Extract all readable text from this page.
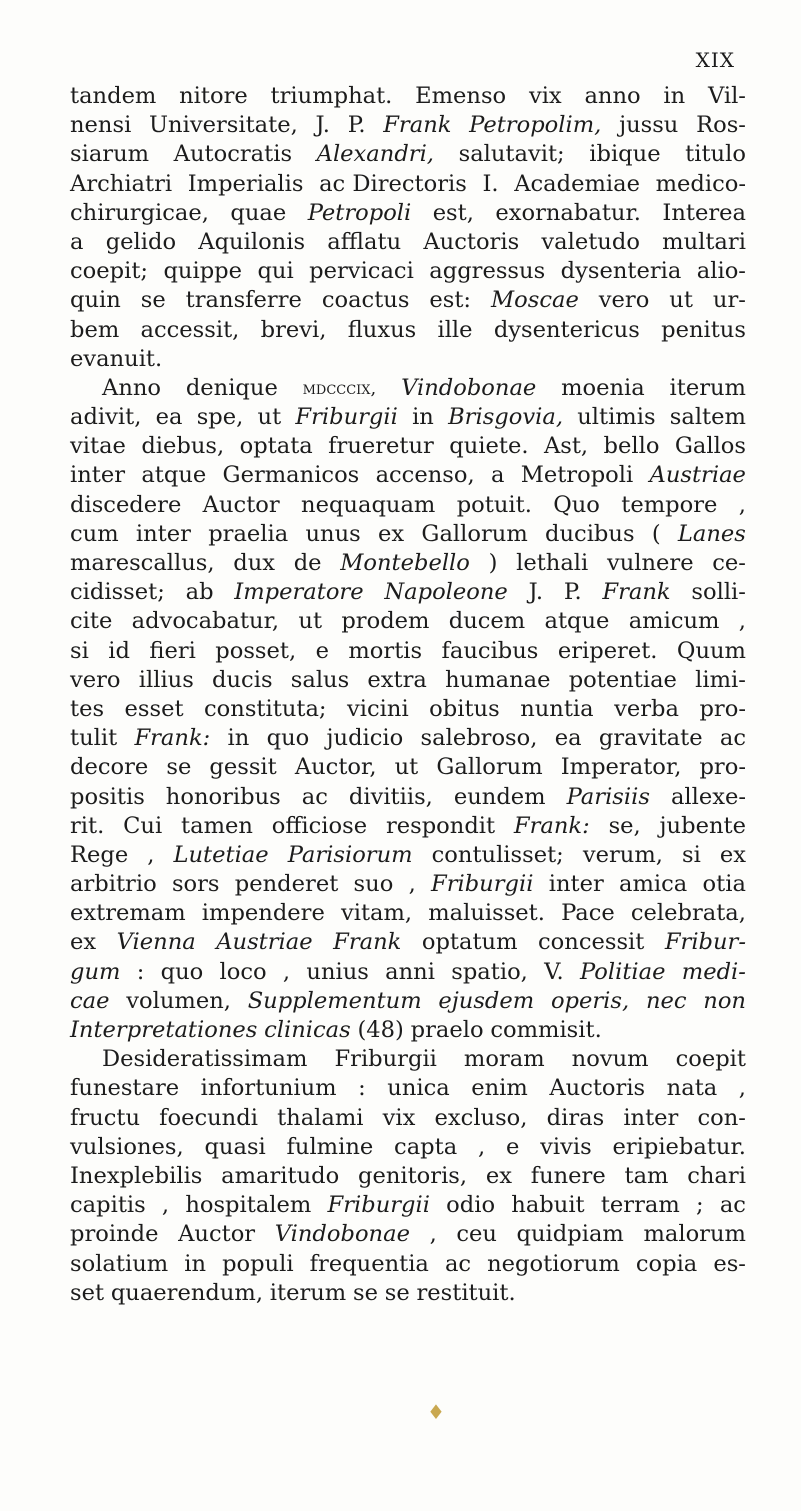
XIX
tandem nitore triumphat. Emenso vix anno in Vil-
nensi Universitate, J. P. Frank Petropolim, jussu Ros-
siarum Autocratis Alexandri, salutavit; ibique titulo
Archiatri Imperialis ac Directoris I. Academiae medico-
chirurgicae, quae Petropoli est, exornabatur. Interea
a gelido Aquilonis afflatu Auctoris valetudo multari
coepit; quippe qui pervicaci aggressus dysenteria alio-
quin se transferre coactus est: Moscae vero ut ur-
bem accessit, brevi, fluxus ille dysentericus penitus
evanuit.
Anno denique mdcccix, Vindobonae moenia iterum
adivit, ea spe, ut Friburgii in Brisgovia, ultimis saltem
vitae diebus, optata frueretur quiete. Ast, bello Gallos
inter atque Germanicos accenso, a Metropoli Austriae
discedere Auctor nequaquam potuit. Quo tempore ,
cum inter praelia unus ex Gallorum ducibus ( Lanes
marescallus, dux de Montebello ) lethali vulnere ce-
cidisset; ab Imperatore Napoleone J. P. Frank solli-
cite advocabatur, ut prodem ducem atque amicum ,
si id fieri posset, e mortis faucibus eriperet. Quum
vero illius ducis salus extra humanae potentiae limi-
tes esset constituta; vicini obitus nuntia verba pro-
tulit Frank: in quo judicio salebroso, ea gravitate ac
decore se gessit Auctor, ut Gallorum Imperator, pro-
positis honoribus ac divitiis, eundem Parisiis allexe-
rit. Cui tamen officiose respondit Frank: se, jubente
Rege , Lutetiae Parisiorum contulisset; verum, si ex
arbitrio sors penderet suo , Friburgii inter amica otia
extremam impendere vitam, maluisset. Pace celebrata,
ex Vienna Austriae Frank optatum concessit Fribur-
gum : quo loco , unius anni spatio, V. Politiae medi-
cae volumen, Supplementum ejusdem operis, nec non
Interpretationes clinicas (48) praelo commisit.
Desideratissimam Friburgii moram novum coepit
funestare infortunium : unica enim Auctoris nata ,
fructu foecundi thalami vix excluso, diras inter con-
vulsiones, quasi fulmine capta , e vivis eripiebatur.
Inexplebilis amaritudo genitoris, ex funere tam chari
capitis , hospitalem Friburgii odio habuit terram ; ac
proinde Auctor Vindobonae , ceu quidpiam malorum
solatium in populi frequentia ac negotiorum copia es-
set quaerendum, iterum se se restituit.
♦
